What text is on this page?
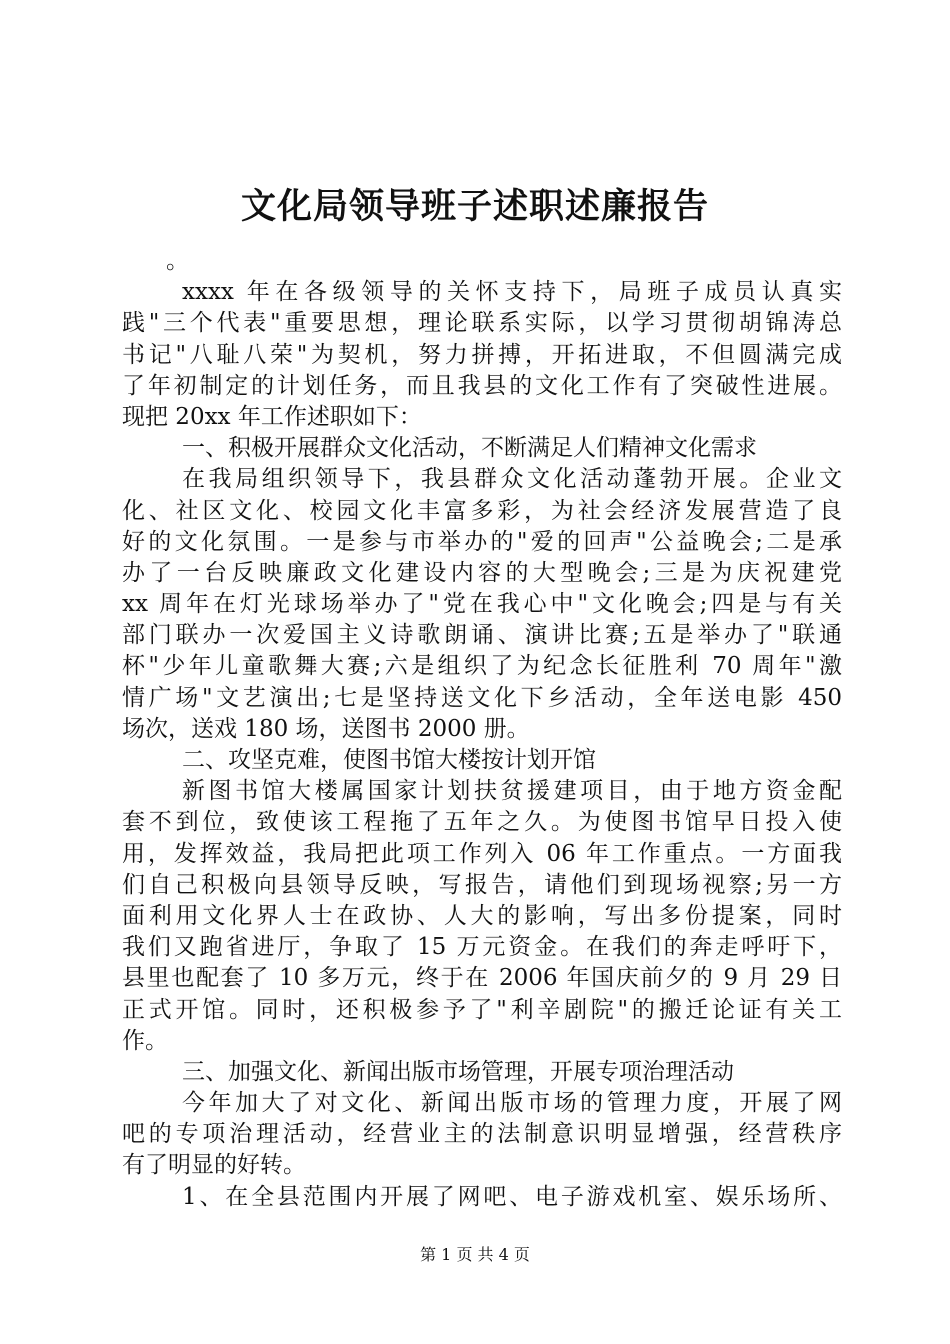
文化局领导班子述职述廉报告
。
xxxx 年在各级领导的关怀支持下，局班子成员认真实
践"三个代表"重要思想，理论联系实际，以学习贯彻胡锦涛总
书记"八耻八荣"为契机，努力拼搏，开拓进取，不但圆满完成
了年初制定的计划任务，而且我县的文化工作有了突破性进展。
现把 20xx 年工作述职如下：
一、积极开展群众文化活动，不断满足人们精神文化需求
在我局组织领导下，我县群众文化活动蓬勃开展。企业文
化、社区文化、校园文化丰富多彩，为社会经济发展营造了良
好的文化氛围。一是参与市举办的"爱的回声"公益晚会;二是承
办了一台反映廉政文化建设内容的大型晚会;三是为庆祝建党
xx 周年在灯光球场举办了"党在我心中"文化晚会;四是与有关
部门联办一次爱国主义诗歌朗诵、演讲比赛;五是举办了"联通
杯"少年儿童歌舞大赛;六是组织了为纪念长征胜利 70 周年"激
情广场"文艺演出;七是坚持送文化下乡活动，全年送电影 450
场次，送戏 180 场，送图书 2000 册。
二、攻坚克难，使图书馆大楼按计划开馆
新图书馆大楼属国家计划扶贫援建项目，由于地方资金配
套不到位，致使该工程拖了五年之久。为使图书馆早日投入使
用，发挥效益，我局把此项工作列入 06 年工作重点。一方面我
们自己积极向县领导反映，写报告，请他们到现场视察;另一方
面利用文化界人士在政协、人大的影响，写出多份提案，同时
我们又跑省进厅，争取了 15 万元资金。在我们的奔走呼吁下，
县里也配套了 10 多万元，终于在 2006 年国庆前夕的 9 月 29 日
正式开馆。同时，还积极参予了"利辛剧院"的搬迁论证有关工
作。
三、加强文化、新闻出版市场管理，开展专项治理活动
今年加大了对文化、新闻出版市场的管理力度，开展了网
吧的专项治理活动，经营业主的法制意识明显增强，经营秩序
有了明显的好转。
1、在全县范围内开展了网吧、电子游戏机室、娱乐场所、
第 1 页 共 4 页
